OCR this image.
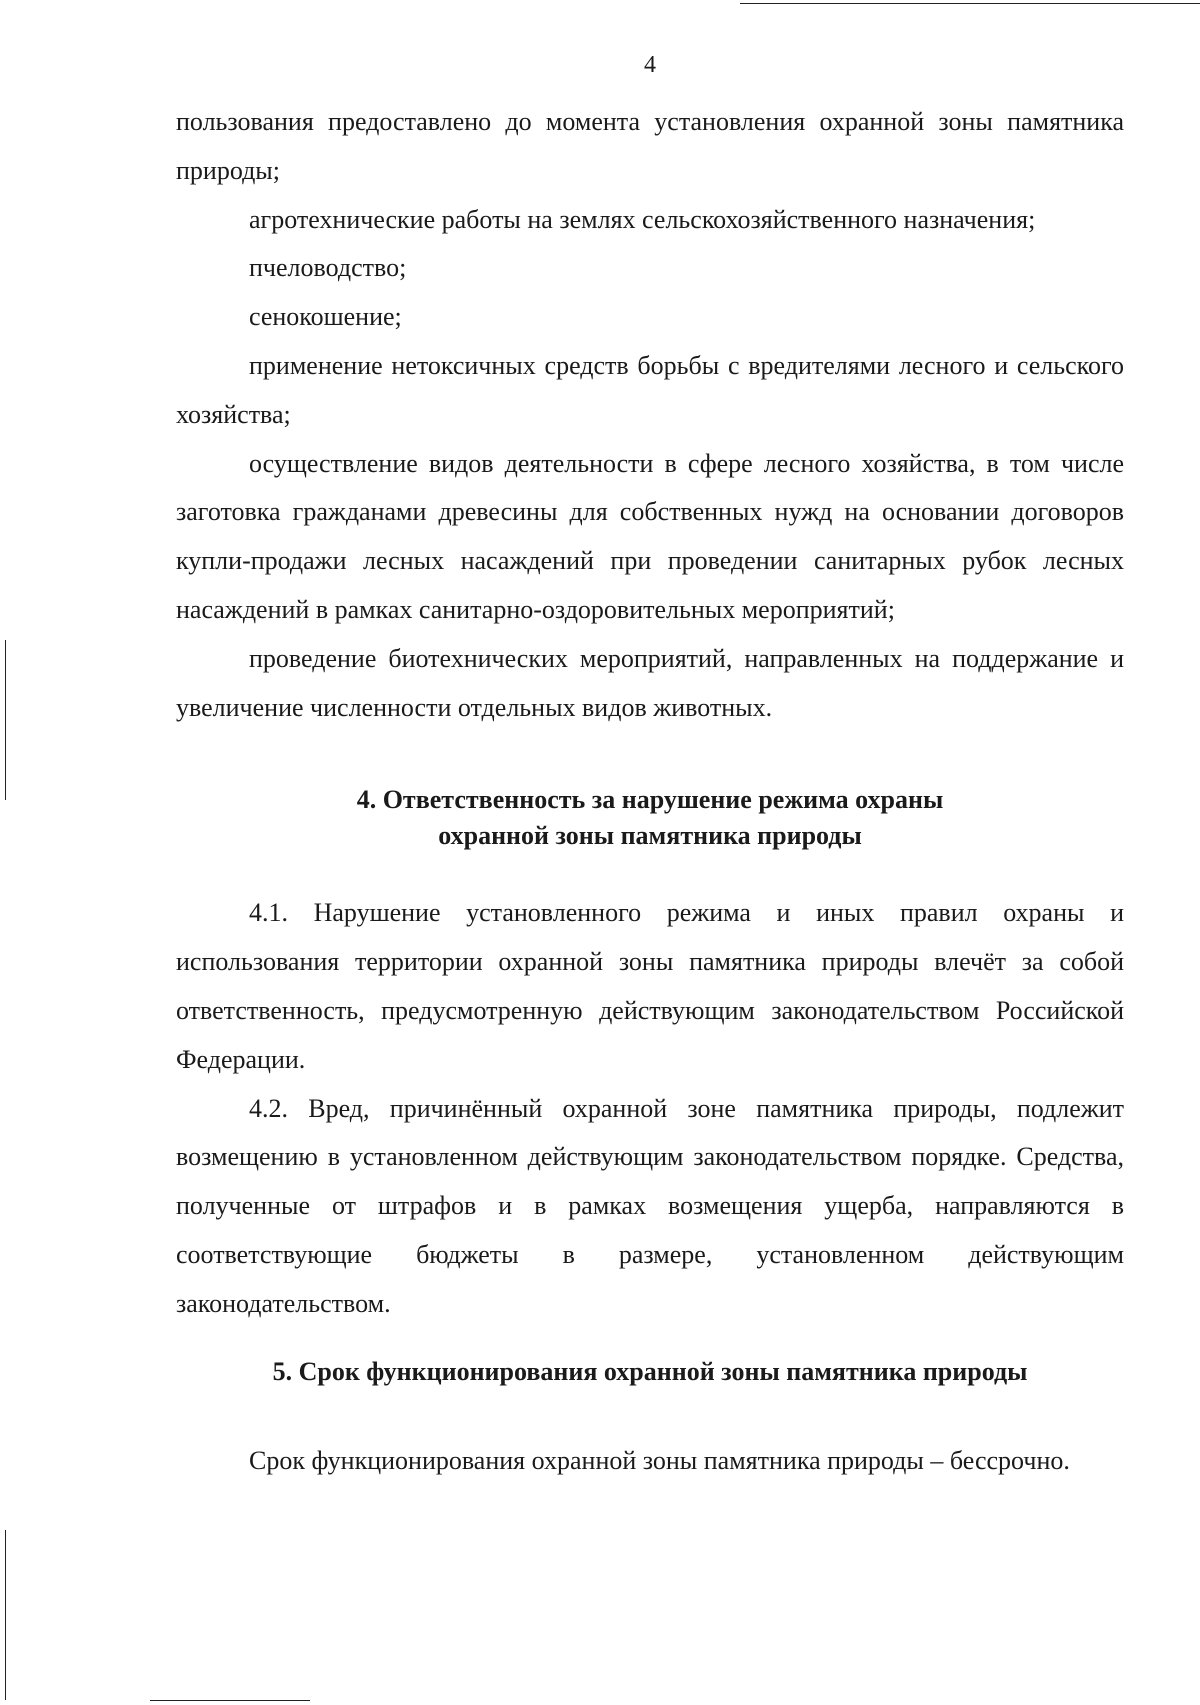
4

пользования предоставлено до момента установления охранной зоны памятника природы;

агротехнические работы на землях сельскохозяйственного назначения;

пчеловодство;

сенокошение;

применение нетоксичных средств борьбы с вредителями лесного и сельского хозяйства;

осуществление видов деятельности в сфере лесного хозяйства, в том числе заготовка гражданами древесины для собственных нужд на основании договоров купли-продажи лесных насаждений при проведении санитарных рубок лесных насаждений в рамках санитарно-оздоровительных мероприятий;

проведение биотехнических мероприятий, направленных на поддержание и увеличение численности отдельных видов животных.

4. Ответственность за нарушение режима охраны
охранной зоны памятника природы

4.1. Нарушение установленного режима и иных правил охраны и использования территории охранной зоны памятника природы влечёт за собой ответственность, предусмотренную действующим законодательством Российской Федерации.

4.2. Вред, причинённый охранной зоне памятника природы, подлежит возмещению в установленном действующим законодательством порядке. Средства, полученные от штрафов и в рамках возмещения ущерба, направляются в соответствующие бюджеты в размере, установленном действующим законодательством.

5. Срок функционирования охранной зоны памятника природы

Срок функционирования охранной зоны памятника природы – бессрочно.
